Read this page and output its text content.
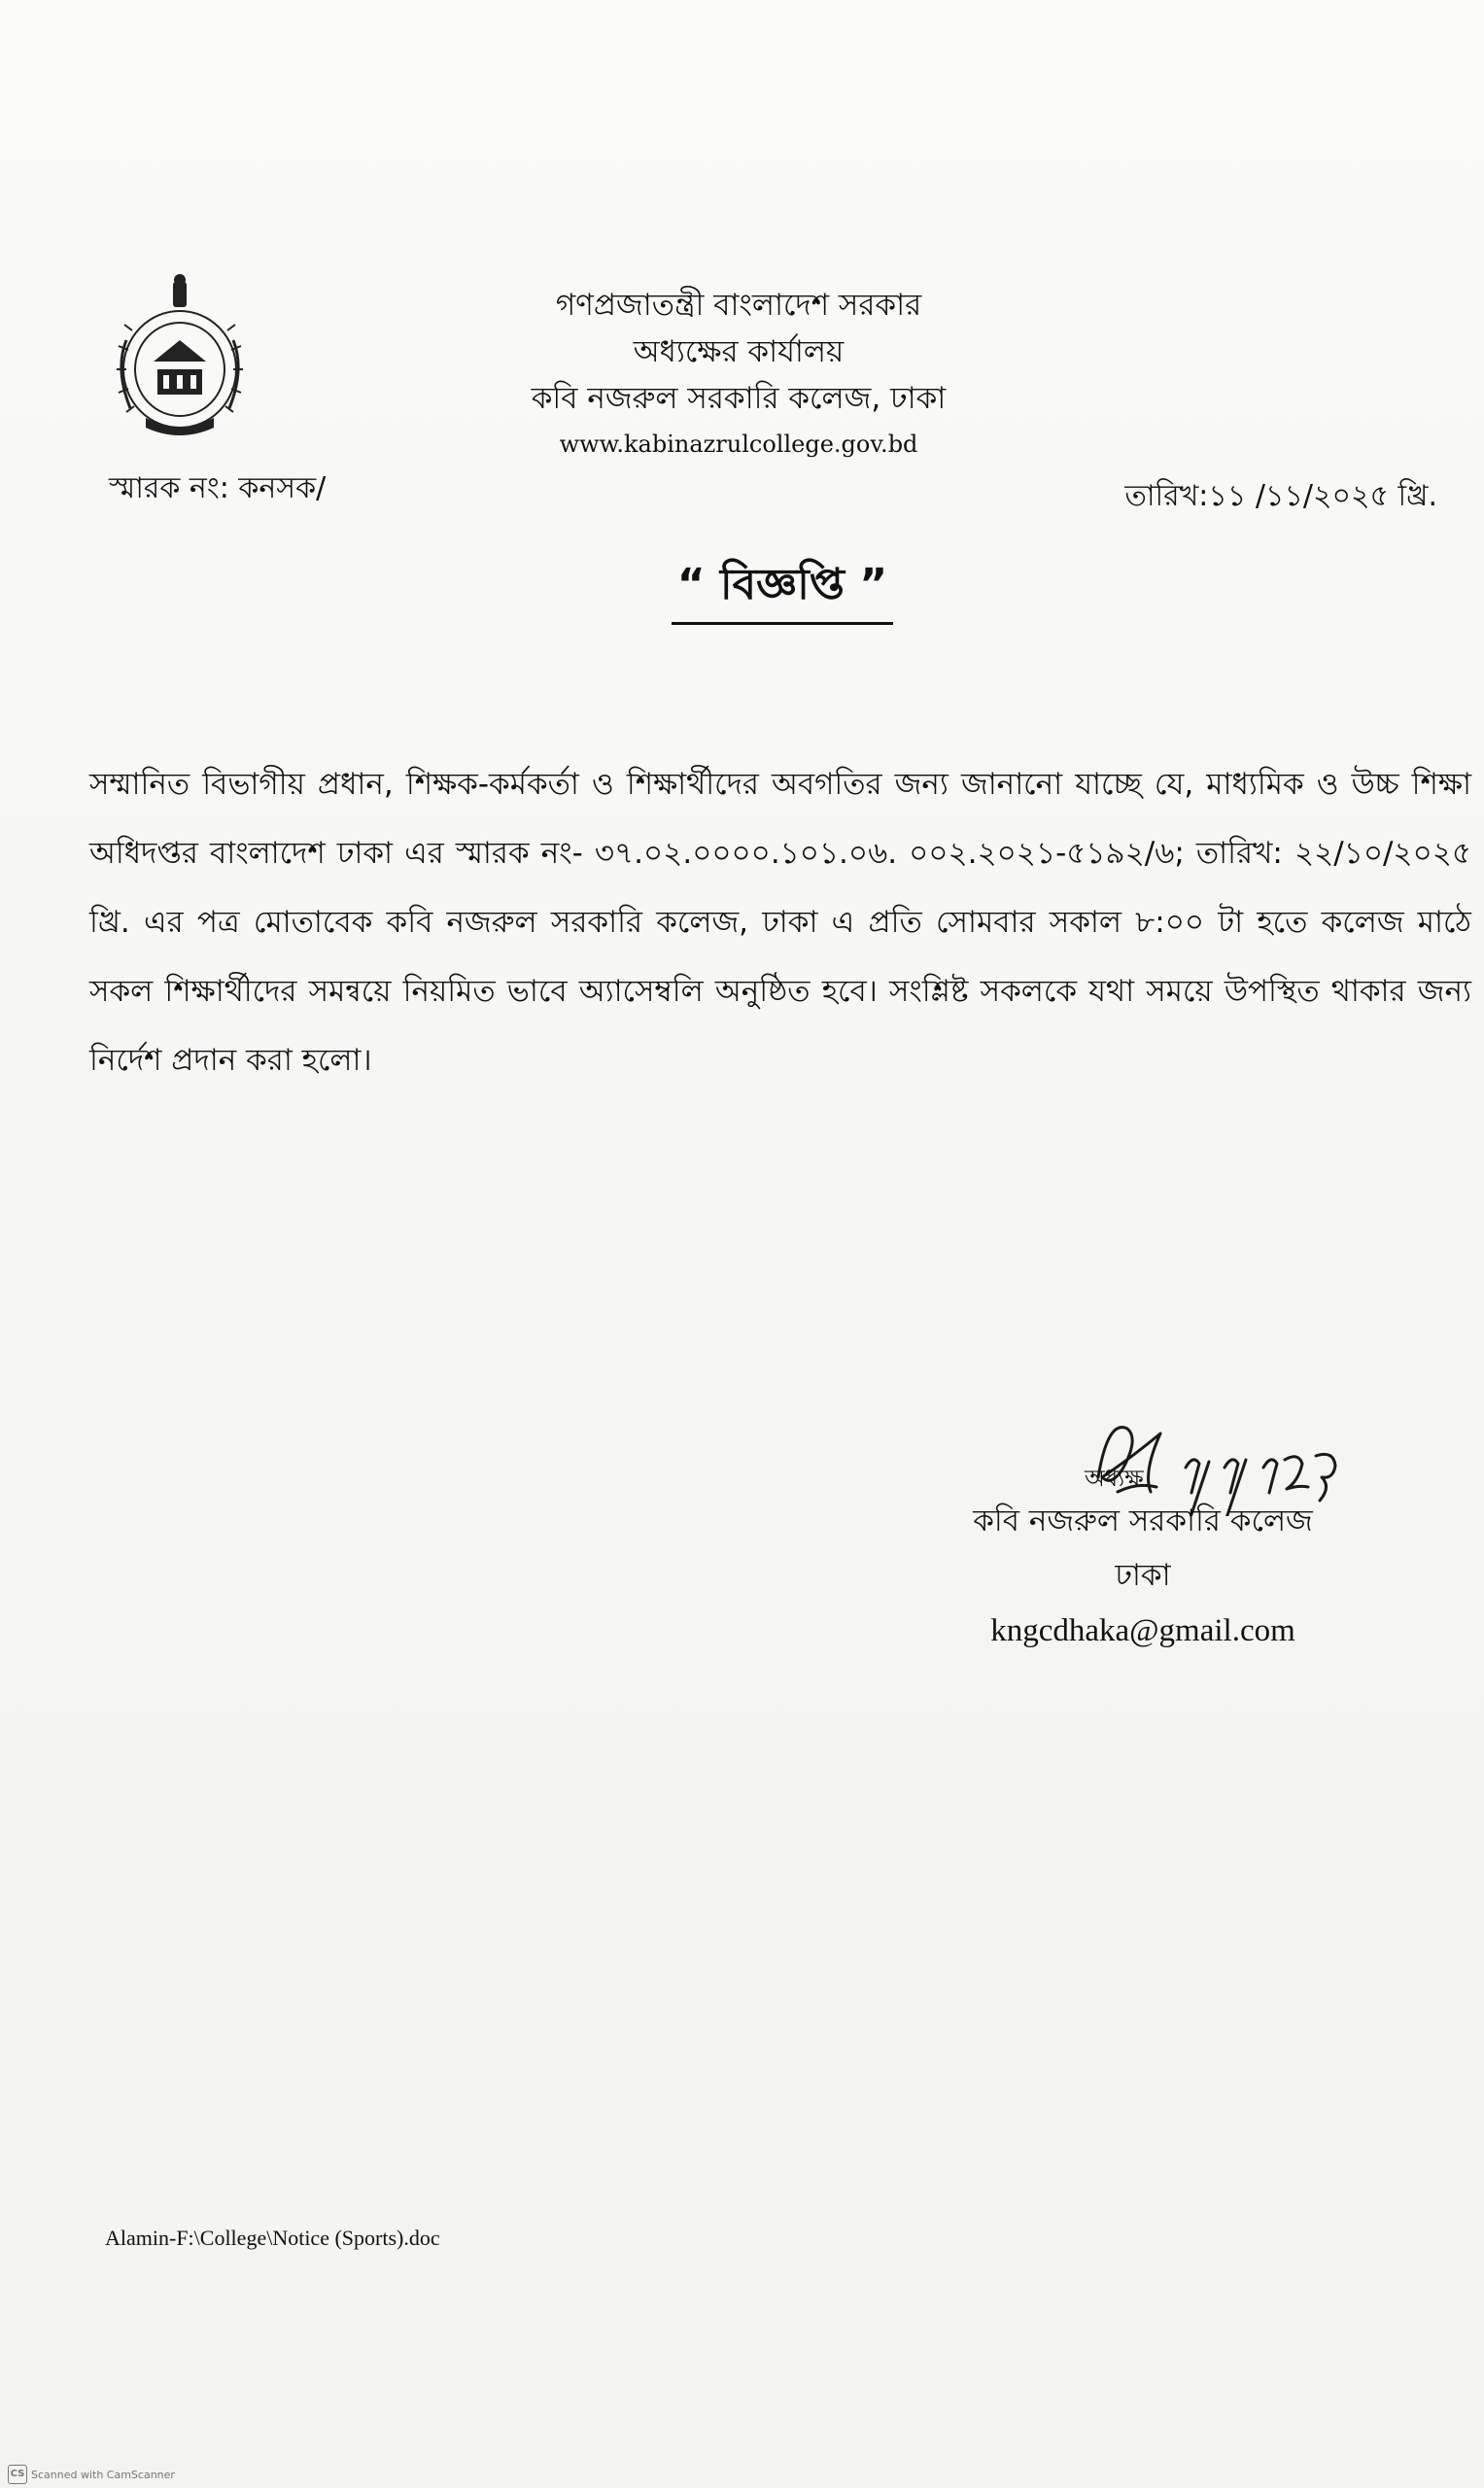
গণপ্রজাতন্ত্রী বাংলাদেশ সরকার
অধ্যক্ষের কার্যালয়
কবি নজরুল সরকারি কলেজ, ঢাকা
www.kabinazrulcollege.gov.bd
স্মারক নং: কনসক/	তারিখ:১১ /১১/২০২৫ খ্রি.
“ বিজ্ঞপ্তি ”
সম্মানিত বিভাগীয় প্রধান, শিক্ষক-কর্মকর্তা ও শিক্ষার্থীদের অবগতির জন্য জানানো যাচ্ছে যে, মাধ্যমিক ও উচ্চ শিক্ষা অধিদপ্তর বাংলাদেশ ঢাকা এর স্মারক নং- ৩৭.০২.০০০০.১০১.০৬. ০০২.২০২১-৫১৯২/৬; তারিখ: ২২/১০/২০২৫ খ্রি. এর পত্র মোতাবেক কবি নজরুল সরকারি কলেজ, ঢাকা এ প্রতি সোমবার সকাল ৮:০০ টা হতে কলেজ মাঠে সকল শিক্ষার্থীদের সমন্বয়ে নিয়মিত ভাবে অ্যাসেম্বলি অনুষ্ঠিত হবে। সংশ্লিষ্ট সকলকে যথা সময়ে উপস্থিত থাকার জন্য নির্দেশ প্রদান করা হলো।
অধ্যক্ষ
কবি নজরুল সরকারি কলেজ
ঢাকা
kngcdhaka@gmail.com
Alamin-F:\College\Notice (Sports).doc
CS Scanned with CamScanner
